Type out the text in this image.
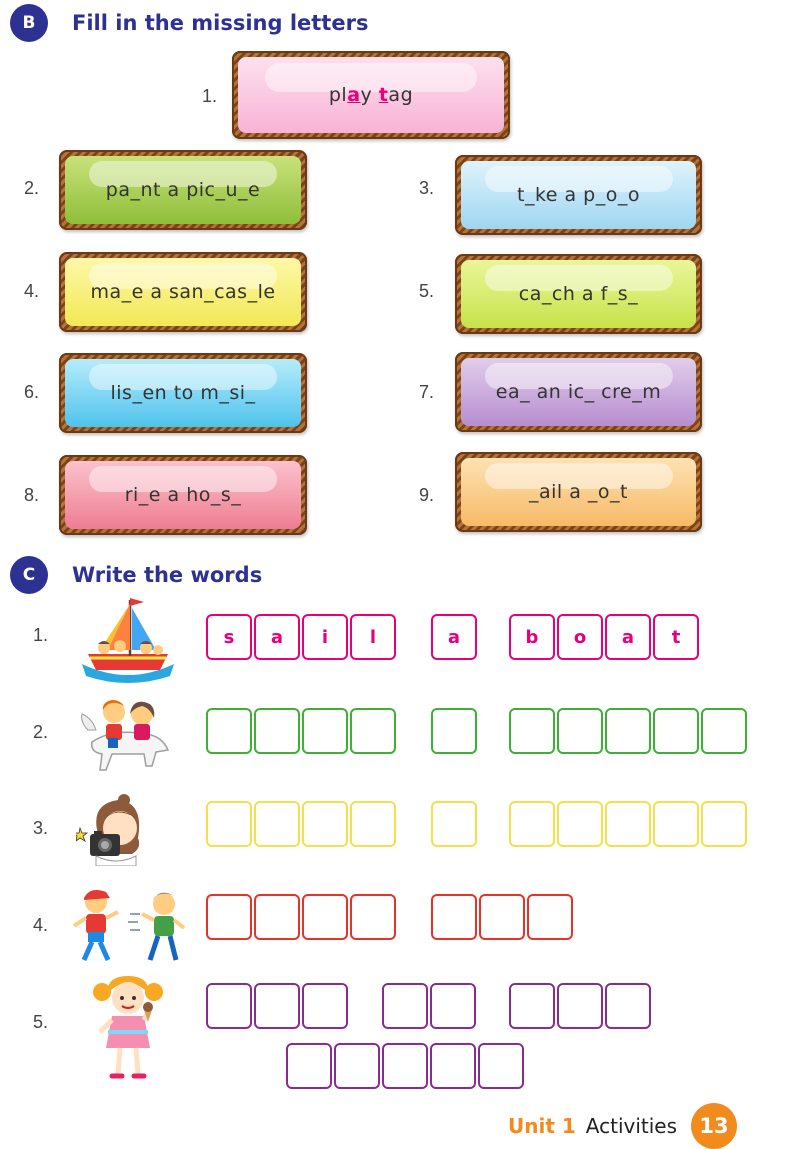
B	Fill in the missing letters
1.	play tag
2.	pa_nt a pic_u_e	3.	t_ke a p_o_o
4.	ma_e a san_cas_le	5.	ca_ch a f_s_
6.	lis_en to m_si_	7.	ea_ an ic_ cre_m
8.	ri_e a ho_s_	9.	_ail a _o_t
C	Write the words
1.	s	a	i	l	a	b	o	a	t
2.
3.
4.
5.
Unit 1 Activities	13
